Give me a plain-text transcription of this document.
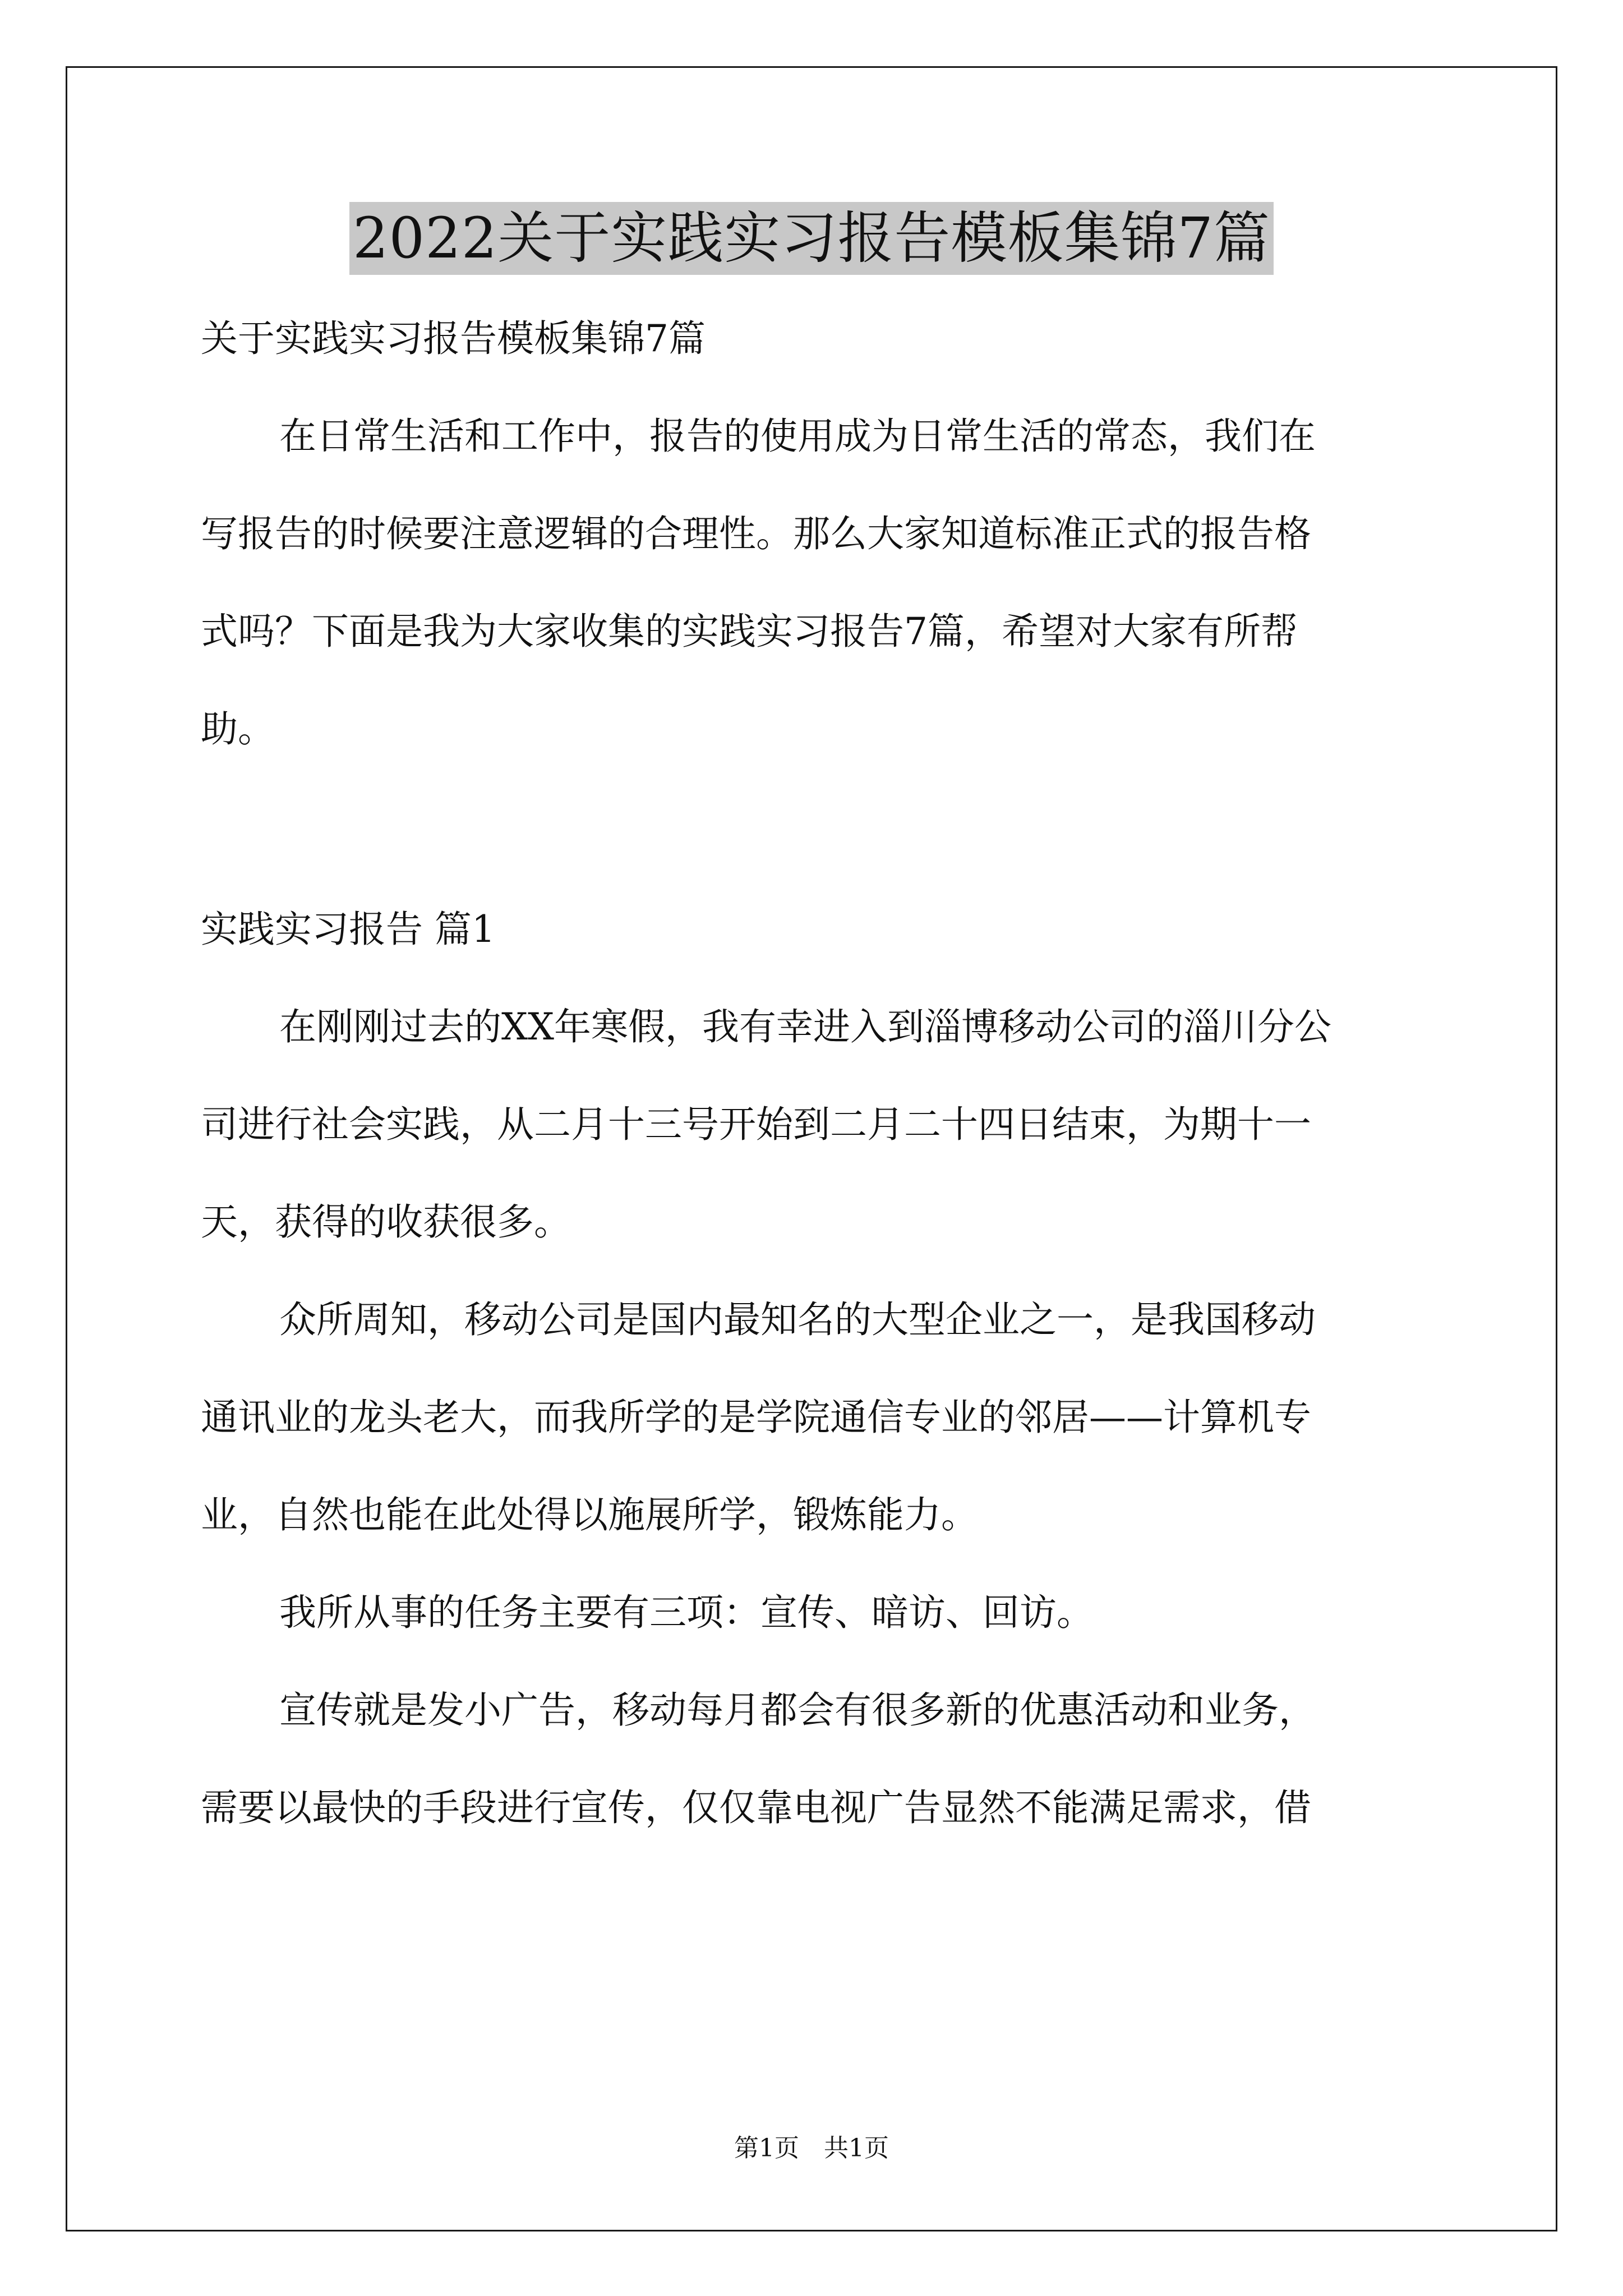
2022关于实践实习报告模板集锦7篇
关于实践实习报告模板集锦7篇
在日常生活和工作中，报告的使用成为日常生活的常态，我们在
写报告的时候要注意逻辑的合理性。那么大家知道标准正式的报告格
式吗？下面是我为大家收集的实践实习报告7篇，希望对大家有所帮
助。
实践实习报告 篇1
在刚刚过去的XX年寒假，我有幸进入到淄博移动公司的淄川分公
司进行社会实践，从二月十三号开始到二月二十四日结束，为期十一
天，获得的收获很多。
众所周知，移动公司是国内最知名的大型企业之一，是我国移动
通讯业的龙头老大，而我所学的是学院通信专业的邻居——计算机专
业，自然也能在此处得以施展所学，锻炼能力。
我所从事的任务主要有三项：宣传、暗访、回访。
宣传就是发小广告，移动每月都会有很多新的优惠活动和业务，
需要以最快的手段进行宣传，仅仅靠电视广告显然不能满足需求，借
第1页　共1页
